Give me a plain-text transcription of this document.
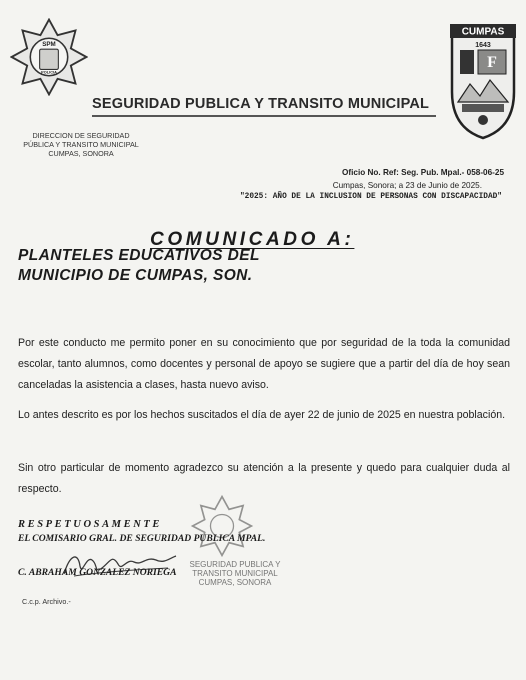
SPM
POLICIA
SEGURIDAD PUBLICA Y TRANSITO MUNICIPAL
DIRECCION DE SEGURIDAD
PÚBLICA Y TRANSITO MUNICIPAL
CUMPAS, SONORA
CUMPAS
1643
F
Oficio No. Ref: Seg. Pub. Mpal.- 058-06-25
Cumpas, Sonora; a 23 de Junio de 2025.
"2025: AÑO DE LA INCLUSION DE PERSONAS CON DISCAPACIDAD"
COMUNICADO A:
PLANTELES EDUCATIVOS DEL
MUNICIPIO DE CUMPAS, SON.
Por este conducto me permito poner en su conocimiento que por seguridad de la toda la comunidad escolar, tanto alumnos, como docentes y personal de apoyo se sugiere que a partir del día de hoy sean canceladas la asistencia a clases, hasta nuevo aviso.
Lo antes descrito es por los hechos suscitados el día de ayer 22 de junio de 2025 en nuestra población.
Sin otro particular de momento agradezco su atención a la presente y quedo para cualquier duda al respecto.
RESPETUOSAMENTE
EL COMISARIO GRAL. DE SEGURIDAD PUBLICA MPAL.
C. ABRAHAM GONZALEZ NORIEGA
SEGURIDAD PUBLICA Y
TRANSITO MUNICIPAL
CUMPAS, SONORA
C.c.p. Archivo.-
